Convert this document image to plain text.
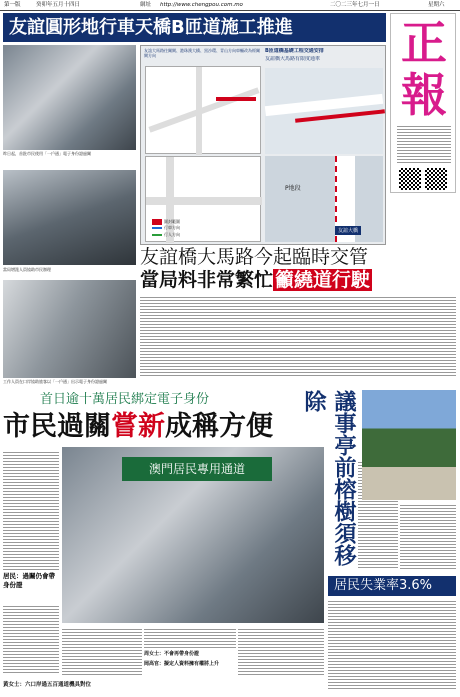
第一版	癸卯年五月十四日	網址 http://www.chengpou.com.mo	二〇二三年七月一日	星期六
友誼圓形地行車天橋B匝道施工推進	正
報
昨日起，首批市民使用「一戶通」電子身份證過關
當局增派人員協助市民辦理
工作人員在口岸協助旅客以「一戶通」出示電子身份證過關
友誼大馬路往關閘、港珠澳大橋、黑沙環、青山方向車輛改為經關閘方向
B匝道橋基礎工程交通安排
友誼橋大馬路有限度通車
圍封範圍
行車方向
行人方向
P地段
友誼大橋
友誼橋大馬路今起臨時交管
當局料非常繁忙 籲繞道行駛
首日逾十萬居民綁定電子身份
市民過關嘗新成稱方便
居民：過關仍會帶身份證
澳門居民專用通道
周女士：不會再帶身份證
黃女士：六口岸過五百通道機具對位
岡高官：擬定人資料擁有權將上升
議事亭前榕樹須移除
居民失業率3.6%
